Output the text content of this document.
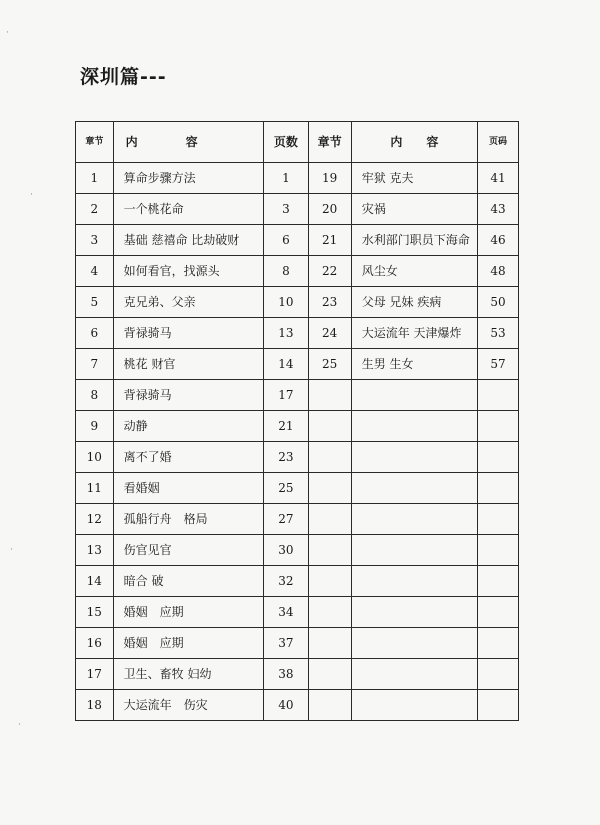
深圳篇---
章节	内　容	页数	章节	内　　容	页码
1	算命步骤方法	1	19	牢狱 克夫	41
2	一个桃花命	3	20	灾祸	43
3	基础 慈禧命 比劫破财	6	21	水利部门职员下海命	46
4	如何看官，找源头	8	22	风尘女	48
5	克兄弟、父亲	10	23	父母 兄妹 疾病	50
6	背禄骑马	13	24	大运流年 天津爆炸	53
7	桃花 财官	14	25	生男 生女	57
8	背禄骑马	17			
9	动静	21			
10	离不了婚	23			
11	看婚姻	25			
12	孤船行舟　格局	27			
13	伤官见官	30			
14	暗合 破	32			
15	婚姻　应期	34			
16	婚姻　应期	37			
17	卫生、畜牧 妇幼	38			
18	大运流年　伤灾	40			
·
·
·
·
